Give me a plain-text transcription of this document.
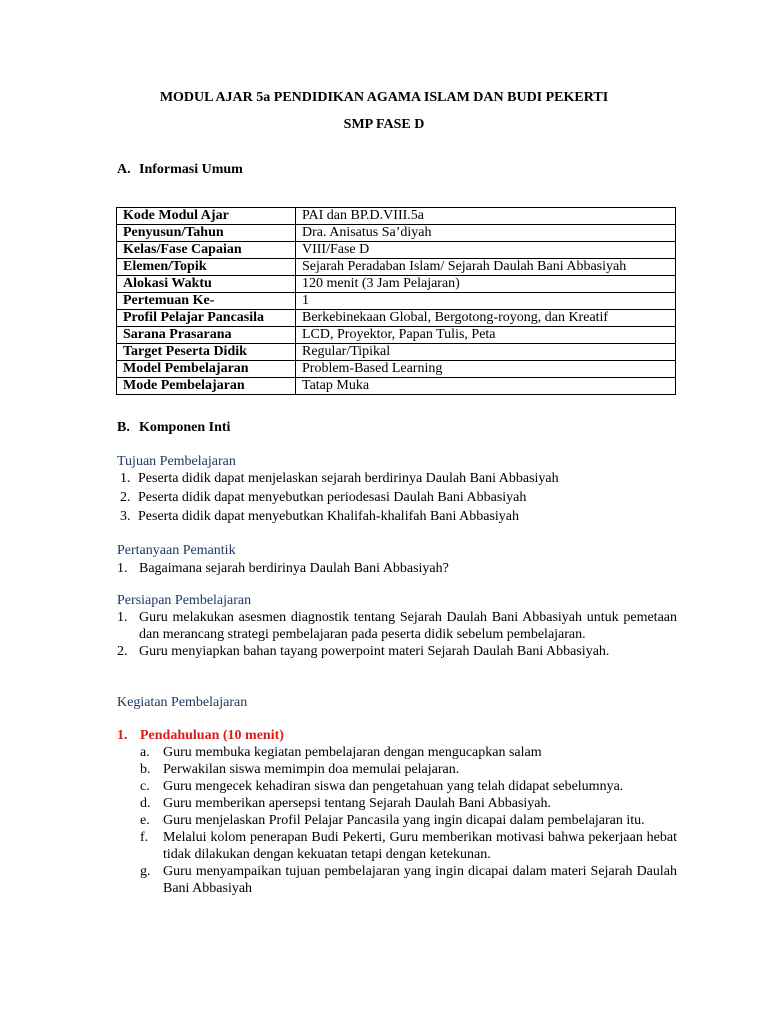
MODUL AJAR 5a PENDIDIKAN AGAMA ISLAM DAN BUDI PEKERTI
SMP FASE D
A. Informasi Umum
Kode Modul Ajar	PAI dan BP.D.VIII.5a
Penyusun/Tahun	Dra. Anisatus Sa’diyah
Kelas/Fase Capaian	VIII/Fase D
Elemen/Topik	Sejarah Peradaban Islam/ Sejarah Daulah Bani Abbasiyah
Alokasi Waktu	120 menit (3 Jam Pelajaran)
Pertemuan Ke-	1
Profil Pelajar Pancasila	Berkebinekaan Global, Bergotong-royong, dan Kreatif
Sarana Prasarana	LCD, Proyektor, Papan Tulis, Peta
Target Peserta Didik	Regular/Tipikal
Model Pembelajaran	Problem-Based Learning
Mode Pembelajaran	Tatap Muka
B. Komponen Inti
Tujuan Pembelajaran
1. Peserta didik dapat menjelaskan sejarah berdirinya Daulah Bani Abbasiyah
2. Peserta didik dapat menyebutkan periodesasi Daulah Bani Abbasiyah
3. Peserta didik dapat menyebutkan Khalifah-khalifah Bani Abbasiyah
Pertanyaan Pemantik
1. Bagaimana sejarah berdirinya Daulah Bani Abbasiyah?
Persiapan Pembelajaran
1. Guru melakukan asesmen diagnostik tentang Sejarah Daulah Bani Abbasiyah untuk pemetaan dan merancang strategi pembelajaran pada peserta didik sebelum pembelajaran.
2. Guru menyiapkan bahan tayang powerpoint materi Sejarah Daulah Bani Abbasiyah.
Kegiatan Pembelajaran
1. Pendahuluan (10 menit)
a. Guru membuka kegiatan pembelajaran dengan mengucapkan salam
b. Perwakilan siswa memimpin doa memulai pelajaran.
c. Guru mengecek kehadiran siswa dan pengetahuan yang telah didapat sebelumnya.
d. Guru memberikan apersepsi tentang Sejarah Daulah Bani Abbasiyah.
e. Guru menjelaskan Profil Pelajar Pancasila yang ingin dicapai dalam pembelajaran itu.
f. Melalui kolom penerapan Budi Pekerti, Guru memberikan motivasi bahwa pekerjaan hebat tidak dilakukan dengan kekuatan tetapi dengan ketekunan.
g. Guru menyampaikan tujuan pembelajaran yang ingin dicapai dalam materi Sejarah Daulah Bani Abbasiyah
